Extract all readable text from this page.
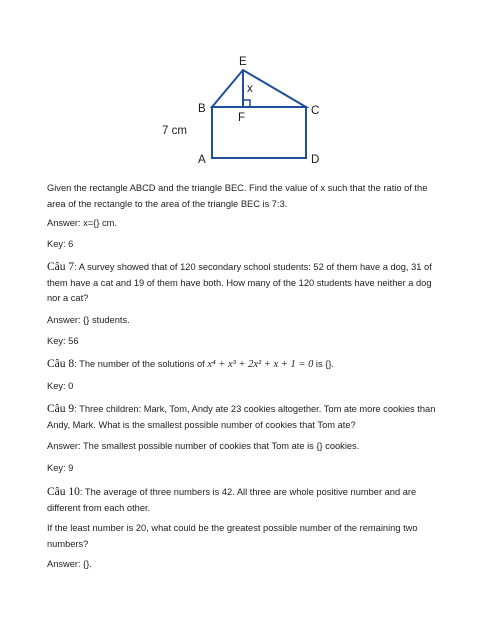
E
B	C
F
A	D
x
7 cm

Given the rectangle ABCD and the triangle BEC. Find the value of x such that the ratio of the area of the rectangle to the area of the triangle BEC is 7:3.

Answer: x={} cm.

Key: 6

Câu 7: A survey showed that of 120 secondary school students: 52 of them have a dog, 31 of them have a cat and 19 of them have both. How many of the 120 students have neither a dog nor a cat?

Answer: {} students.

Key: 56

Câu 8: The number of the solutions of x⁴ + x³ + 2x² + x + 1 = 0 is {}.

Key: 0

Câu 9: Three children: Mark, Tom, Andy ate 23 cookies altogether. Tom ate more cookies than Andy, Mark. What is the smallest possible number of cookies that Tom ate?

Answer: The smallest possible number of cookies that Tom ate is {} cookies.

Key: 9

Câu 10: The average of three numbers is 42. All three are whole positive number and are different from each other.

If the least number is 20, what could be the greatest possible number of the remaining two numbers?

Answer: {}.
